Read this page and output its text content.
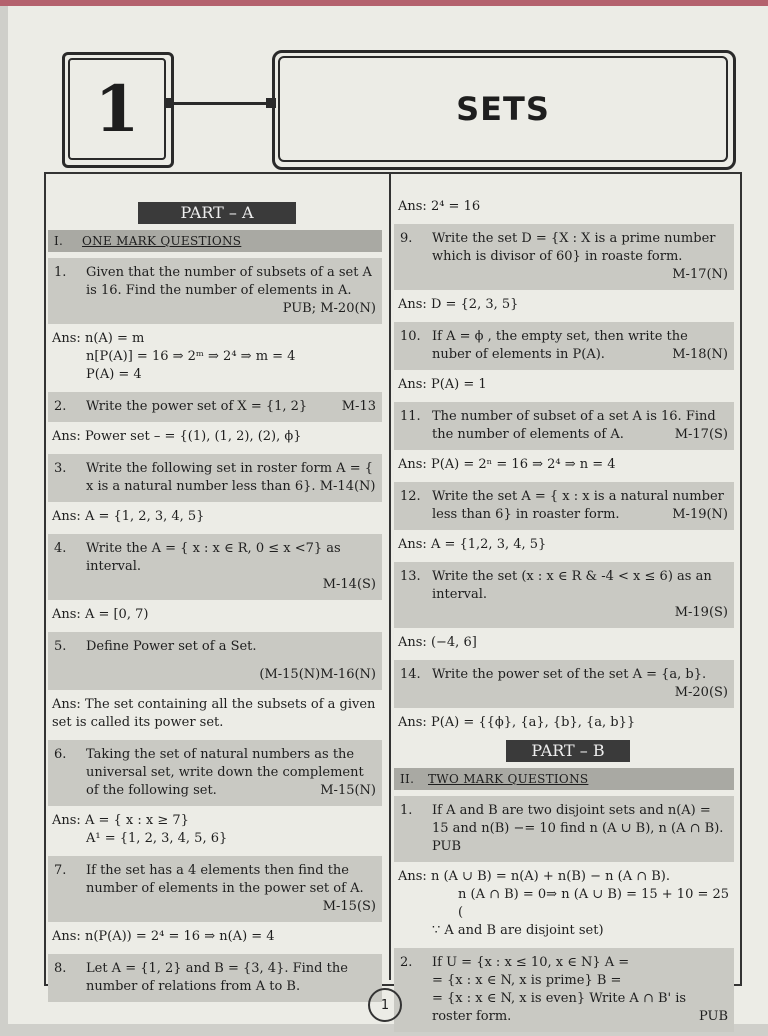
1	SETS
PART – A
I. ONE MARK QUESTIONS
1. Given that the number of subsets of a set A is 16. Find the number of elements in A.
PUB; M-20(N)
Ans: n(A) = m
n[P(A)] = 16 ⇒ 2ᵐ ⇒ 2⁴ ⇒ m = 4
P(A) = 4
2. Write the power set of X = {1, 2}	M-13
Ans: Power set – = {(1), (1, 2), (2), ϕ}
3. Write the following set in roster form A = { x is a natural number less than 6}. M-14(N)
Ans: A = {1, 2, 3, 4, 5}
4. Write the A = { x : x ∈ R, 0 ≤ x <7} as interval.
M-14(S)
Ans: A = [0, 7)
5. Define Power set of a Set.
(M-15(N)M-16(N)
Ans: The set containing all the subsets of a given set is called its power set.
6. Taking the set of natural numbers as the universal set, write down the complement of the following set.	M-15(N)
Ans: A = { x : x ≥ 7}
A¹ = {1, 2, 3, 4, 5, 6}
7. If the set has a 4 elements then find the number of elements in the power set of A.
M-15(S)
Ans: n(P(A)) = 2⁴ = 16 ⇒ n(A) = 4
8. Let A = {1, 2} and B = {3, 4}. Find the number of relations from A to B.
Ans: 2⁴ = 16
9. Write the set D = {X : X is a prime number which is divisor of 60} in roaste form.
M-17(N)
Ans: D = {2, 3, 5}
10. If A = ϕ , the empty set, then write the nuber of elements in P(A).	M-18(N)
Ans: P(A) = 1
11. The number of subset of a set A is 16. Find the number of elements of A.	M-17(S)
Ans: P(A) = 2ⁿ = 16 ⇒ 2⁴ ⇒ n = 4
12. Write the set A = { x : x is a natural number less than 6} in roaster form.	M-19(N)
Ans: A = {1,2, 3, 4, 5}
13. Write the set (x : x ∈ R & -4 < x ≤ 6) as an interval.
M-19(S)
Ans: (−4, 6]
14. Write the power set of the set A = {a, b}.
M-20(S)
Ans: P(A) = {{ϕ}, {a}, {b}, {a, b}}
PART – B
II. TWO MARK QUESTIONS
1. If A and B are two disjoint sets and n(A) = 15 and n(B) −= 10 find n (A ∪ B), n (A ∩ B). PUB
Ans: n (A ∪ B) = n(A) + n(B) − n (A ∩ B).
n (A ∩ B) = 0⇒ n (A ∪ B) = 15 + 10 = 25 (
∵ A and B are disjoint set)
2. If U = {x : x ≤ 10, x ∈ N} A =
= {x : x ∈ N, x is prime} B =
= {x : x ∈ N, x is even} Write A ∩ B' is
roster form.	PUB
1
